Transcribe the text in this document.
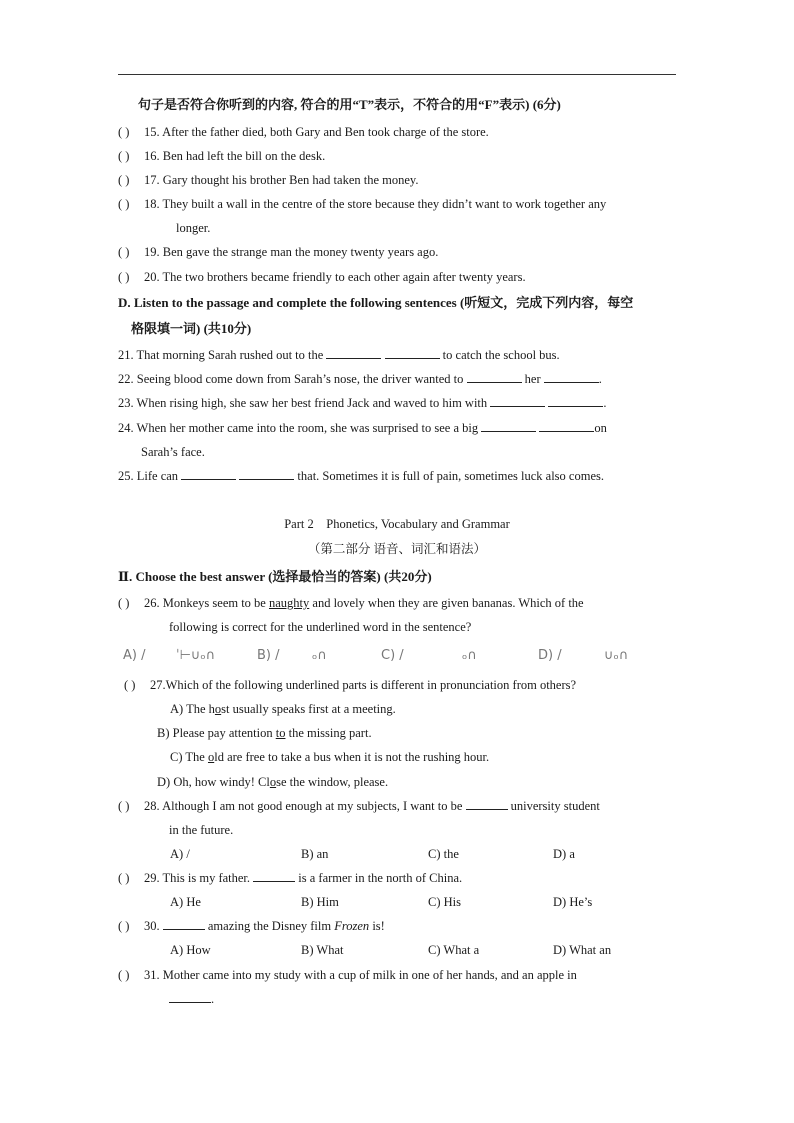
句子是否符合你听到的内容, 符合的用“T”表示，不符合的用“F”表示) (6分)
( ) 15. After the father died, both Gary and Ben took charge of the store.
( ) 16. Ben had left the bill on the desk.
( ) 17. Gary thought his brother Ben had taken the money.
( ) 18. They built a wall in the centre of the store because they didn’t want to work together any
longer.
( ) 19. Ben gave the strange man the money twenty years ago.
( ) 20. The two brothers became friendly to each other again after twenty years.
D. Listen to the passage and complete the following sentences (听短文，完成下列内容，每空
格限填一词) (共10分)
21. That morning Sarah rushed out to the	to catch the school bus.
22. Seeing blood come down from Sarah’s nose, the driver wanted to	her	.
23. When rising high, she saw her best friend Jack and waved to him with	.
24. When her mother came into the room, she was surprised to see a big	on
Sarah’s face.
25. Life can	that. Sometimes it is full of pain, sometimes luck also comes.
Part 2　Phonetics, Vocabulary and Grammar
（第二部分 语音、词汇和语法）
Ⅱ. Choose the best answer (选择最恰当的答案) (共20分)
( ) 26. Monkeys seem to be naughty and lovely when they are given bananas. Which of the
following is correct for the underlined word in the sentence?
A) / ˈ⊢∪ₒ∩	B) / ₒ∩	C) /	ₒ∩	D) /	∪ₒ∩
( ) 27.Which of the following underlined parts is different in pronunciation from others?
A) The host usually speaks first at a meeting.
B) Please pay attention to the missing part.
C) The old are free to take a bus when it is not the rushing hour.
D) Oh, how windy! Close the window, please.
( ) 28. Although I am not good enough at my subjects, I want to be	university student
in the future.
A) /	B) an	C) the	D) a
( ) 29. This is my father.	is a farmer in the north of China.
A) He	B) Him	C) His	D) He’s
( ) 30.	amazing the Disney film Frozen is!
A) How	B) What	C) What a	D) What an
( ) 31. Mother came into my study with a cup of milk in one of her hands, and an apple in
.
